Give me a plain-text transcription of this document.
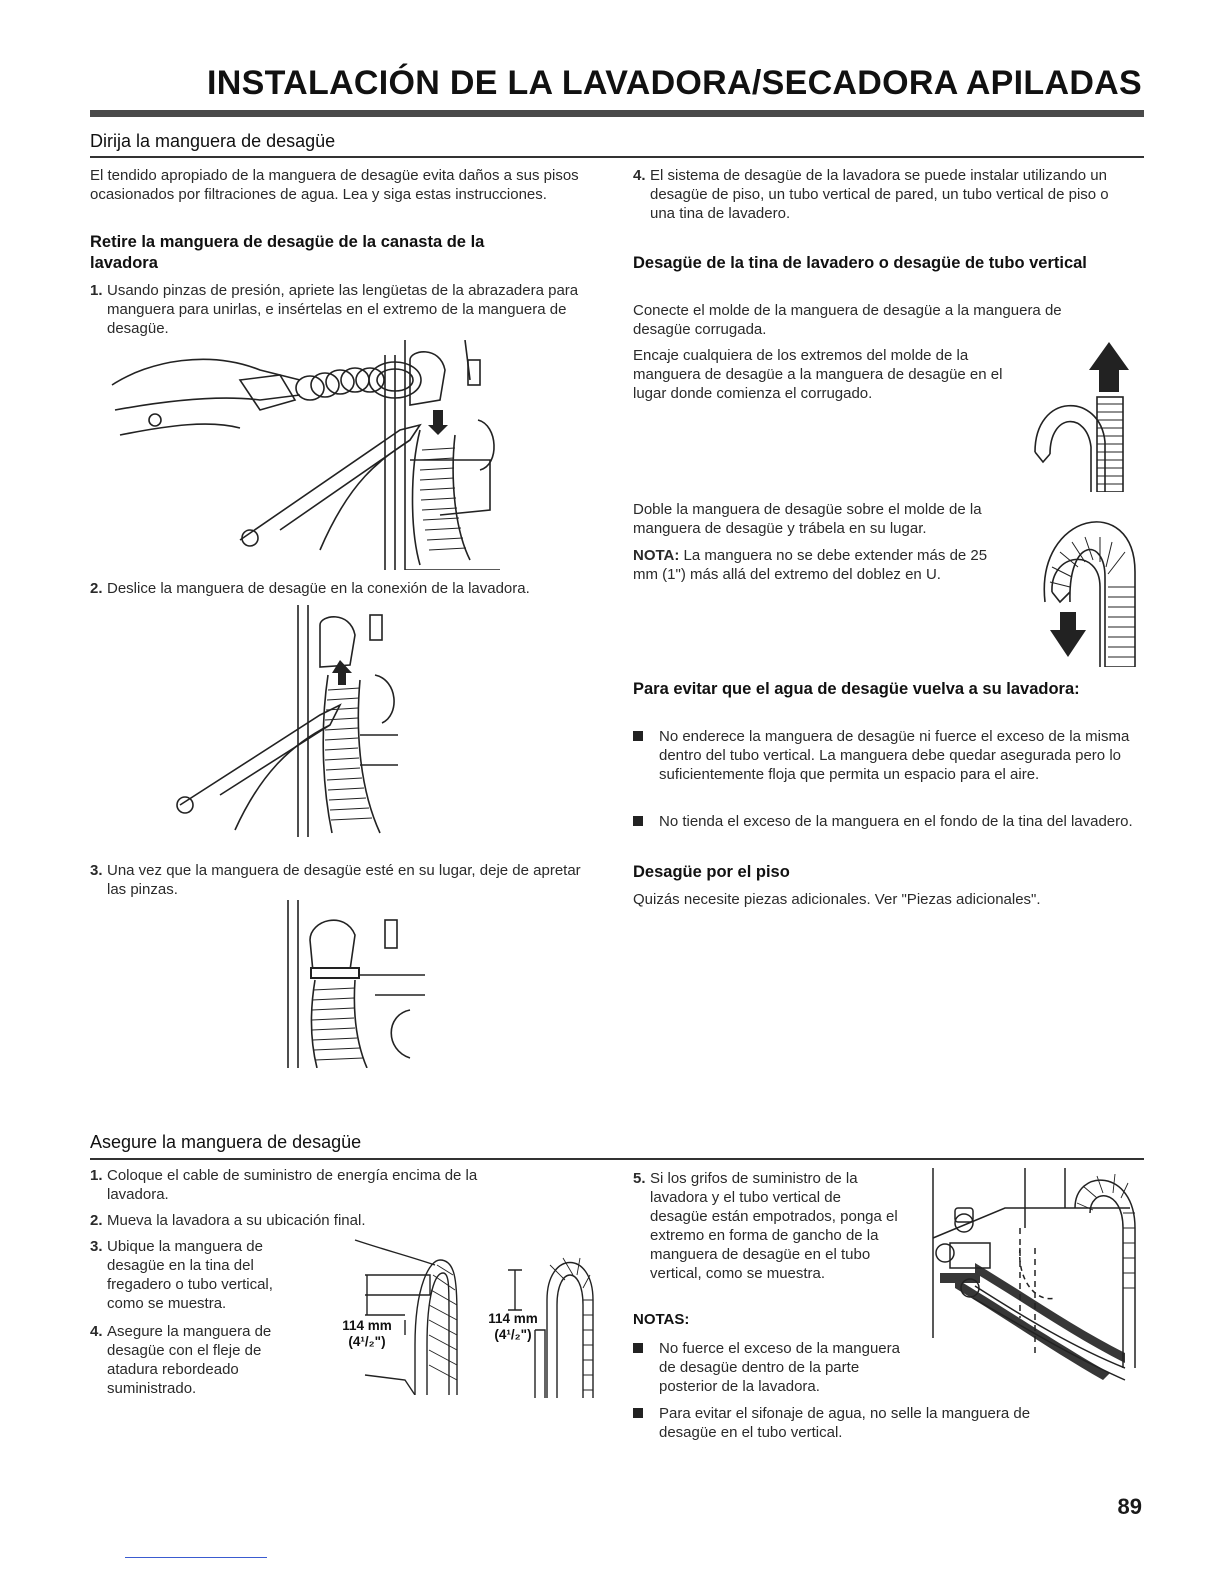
INSTALACIÓN DE LA LAVADORA/SECADORA APILADAS
Dirija la manguera de desagüe
El tendido apropiado de la manguera de desagüe evita daños a sus pisos ocasionados por filtraciones de agua. Lea y siga estas instrucciones.
Retire la manguera de desagüe de la canasta de la lavadora
1. Usando pinzas de presión, apriete las lengüetas de la abrazadera para manguera para unirlas, e insértelas en el extremo de la manguera de desagüe.
2. Deslice la manguera de desagüe en la conexión de la lavadora.
3. Una vez que la manguera de desagüe esté en su lugar, deje de apretar las pinzas.
4. El sistema de desagüe de la lavadora se puede instalar utilizando un desagüe de piso, un tubo vertical de pared, un tubo vertical de piso o una tina de lavadero.
Desagüe de la tina de lavadero o desagüe de tubo vertical
Conecte el molde de la manguera de desagüe a la manguera de desagüe corrugada.
Encaje cualquiera de los extremos del molde de la manguera de desagüe a la manguera de desagüe en el lugar donde comienza el corrugado.
Doble la manguera de desagüe sobre el molde de la manguera de desagüe y trábela en su lugar.
NOTA: La manguera no se debe extender más de 25 mm (1") más allá del extremo del doblez en U.
Para evitar que el agua de desagüe vuelva a su lavadora:
No enderece la manguera de desagüe ni fuerce el exceso de la misma dentro del tubo vertical. La manguera debe quedar asegurada pero lo suficientemente floja que permita un espacio para el aire.
No tienda el exceso de la manguera en el fondo de la tina del lavadero.
Desagüe por el piso
Quizás necesite piezas adicionales. Ver "Piezas adicionales".
Asegure la manguera de desagüe
1. Coloque el cable de suministro de energía encima de la lavadora.
2. Mueva la lavadora a su ubicación final.
3. Ubique la manguera de desagüe en la tina del fregadero o tubo vertical, como se muestra.
4. Asegure la manguera de desagüe con el fleje de atadura rebordeado suministrado.
114 mm
(4¹/₂")
114 mm
(4¹/₂")
5. Si los grifos de suministro de la lavadora y el tubo vertical de desagüe están empotrados, ponga el extremo en forma de gancho de la manguera de desagüe en el tubo vertical, como se muestra.
NOTAS:
No fuerce el exceso de la manguera de desagüe dentro de la parte posterior de la lavadora.
Para evitar el sifonaje de agua, no selle la manguera de desagüe en el tubo vertical.
89
